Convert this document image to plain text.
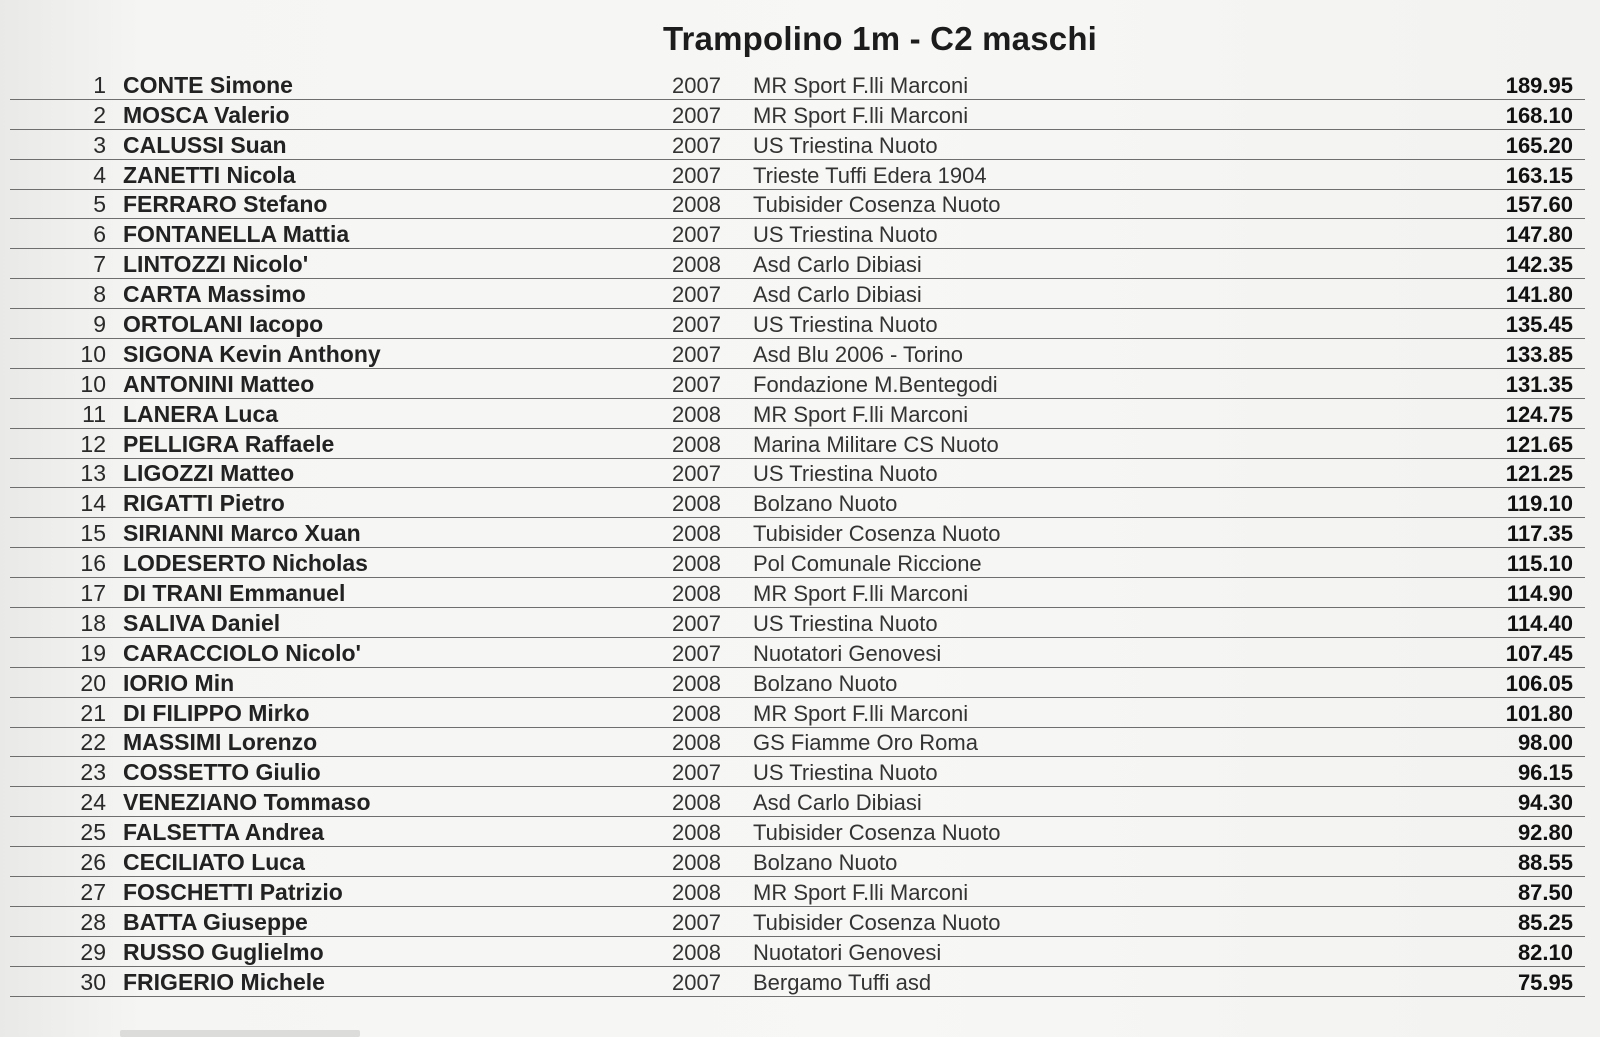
Trampolino 1m - C2 maschi
1 CONTE Simone	2007 MR Sport F.lli Marconi	189.95
2 MOSCA Valerio	2007 MR Sport F.lli Marconi	168.10
3 CALUSSI Suan	2007 US Triestina Nuoto	165.20
4 ZANETTI Nicola	2007 Trieste Tuffi Edera 1904	163.15
5 FERRARO Stefano	2008 Tubisider Cosenza Nuoto	157.60
6 FONTANELLA Mattia	2007 US Triestina Nuoto	147.80
7 LINTOZZI Nicolo'	2008 Asd Carlo Dibiasi	142.35
8 CARTA Massimo	2007 Asd Carlo Dibiasi	141.80
9 ORTOLANI Iacopo	2007 US Triestina Nuoto	135.45
10 SIGONA Kevin Anthony	2007 Asd Blu 2006 - Torino	133.85
10 ANTONINI Matteo	2007 Fondazione M.Bentegodi	131.35
11 LANERA Luca	2008 MR Sport F.lli Marconi	124.75
12 PELLIGRA Raffaele	2008 Marina Militare CS Nuoto	121.65
13 LIGOZZI Matteo	2007 US Triestina Nuoto	121.25
14 RIGATTI Pietro	2008 Bolzano Nuoto	119.10
15 SIRIANNI Marco Xuan	2008 Tubisider Cosenza Nuoto	117.35
16 LODESERTO Nicholas	2008 Pol Comunale Riccione	115.10
17 DI TRANI Emmanuel	2008 MR Sport F.lli Marconi	114.90
18 SALIVA Daniel	2007 US Triestina Nuoto	114.40
19 CARACCIOLO Nicolo'	2007 Nuotatori Genovesi	107.45
20 IORIO Min	2008 Bolzano Nuoto	106.05
21 DI FILIPPO Mirko	2008 MR Sport F.lli Marconi	101.80
22 MASSIMI Lorenzo	2008 GS Fiamme Oro Roma	98.00
23 COSSETTO Giulio	2007 US Triestina Nuoto	96.15
24 VENEZIANO Tommaso	2008 Asd Carlo Dibiasi	94.30
25 FALSETTA Andrea	2008 Tubisider Cosenza Nuoto	92.80
26 CECILIATO Luca	2008 Bolzano Nuoto	88.55
27 FOSCHETTI Patrizio	2008 MR Sport F.lli Marconi	87.50
28 BATTA Giuseppe	2007 Tubisider Cosenza Nuoto	85.25
29 RUSSO Guglielmo	2008 Nuotatori Genovesi	82.10
30 FRIGERIO Michele	2007 Bergamo Tuffi asd	75.95
